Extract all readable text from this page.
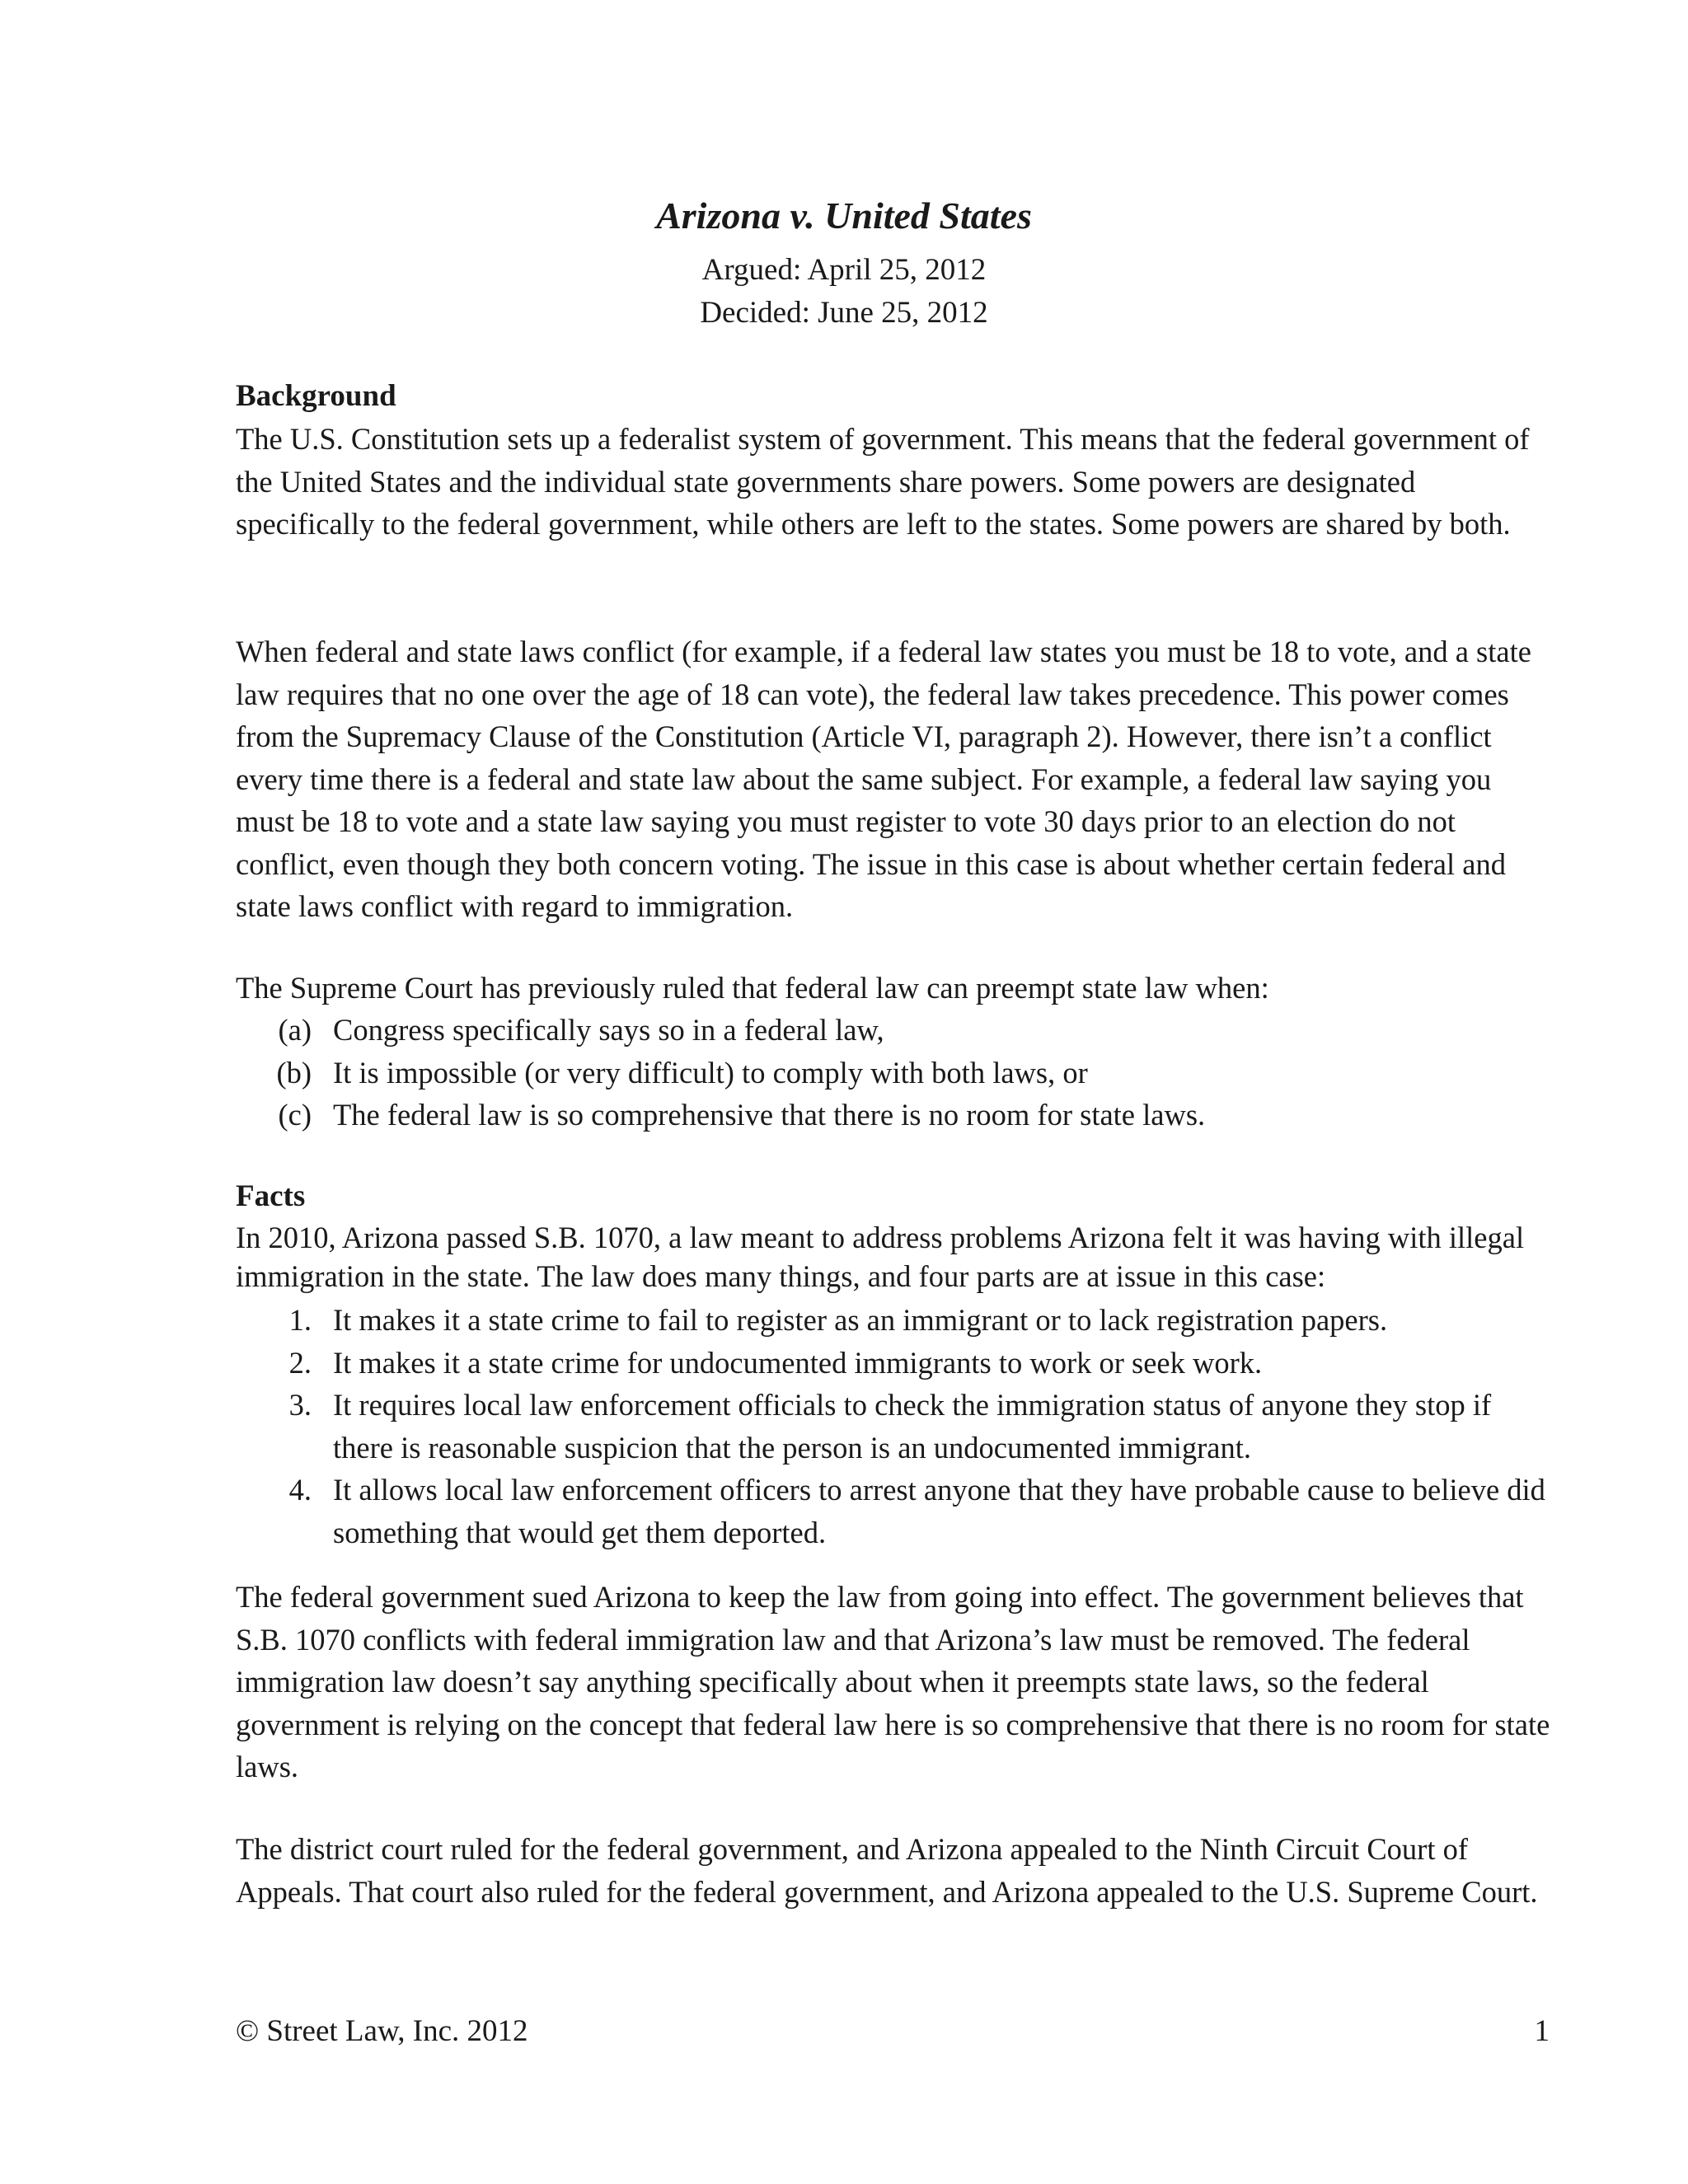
Arizona v. United States
Argued: April 25, 2012
Decided: June 25, 2012
Background

The U.S. Constitution sets up a federalist system of government. This means that the federal government of the United States and the individual state governments share powers. Some powers are designated specifically to the federal government, while others are left to the states. Some powers are shared by both.

When federal and state laws conflict (for example, if a federal law states you must be 18 to vote, and a state law requires that no one over the age of 18 can vote), the federal law takes precedence. This power comes from the Supremacy Clause of the Constitution (Article VI, paragraph 2). However, there isn’t a conflict every time there is a federal and state law about the same subject. For example, a federal law saying you must be 18 to vote and a state law saying you must register to vote 30 days prior to an election do not conflict, even though they both concern voting. The issue in this case is about whether certain federal and state laws conflict with regard to immigration.

The Supreme Court has previously ruled that federal law can preempt state law when:

(a) Congress specifically says so in a federal law,
(b) It is impossible (or very difficult) to comply with both laws, or
(c) The federal law is so comprehensive that there is no room for state laws.
Facts

In 2010, Arizona passed S.B. 1070, a law meant to address problems Arizona felt it was having with illegal immigration in the state. The law does many things, and four parts are at issue in this case:

1. It makes it a state crime to fail to register as an immigrant or to lack registration papers.
2. It makes it a state crime for undocumented immigrants to work or seek work.
3. It requires local law enforcement officials to check the immigration status of anyone they stop if there is reasonable suspicion that the person is an undocumented immigrant.
4. It allows local law enforcement officers to arrest anyone that they have probable cause to believe did something that would get them deported.

The federal government sued Arizona to keep the law from going into effect. The government believes that S.B. 1070 conflicts with federal immigration law and that Arizona’s law must be removed. The federal immigration law doesn’t say anything specifically about when it preempts state laws, so the federal government is relying on the concept that federal law here is so comprehensive that there is no room for state laws.

The district court ruled for the federal government, and Arizona appealed to the Ninth Circuit Court of Appeals. That court also ruled for the federal government, and Arizona appealed to the U.S. Supreme Court.

© Street Law, Inc. 2012	1
